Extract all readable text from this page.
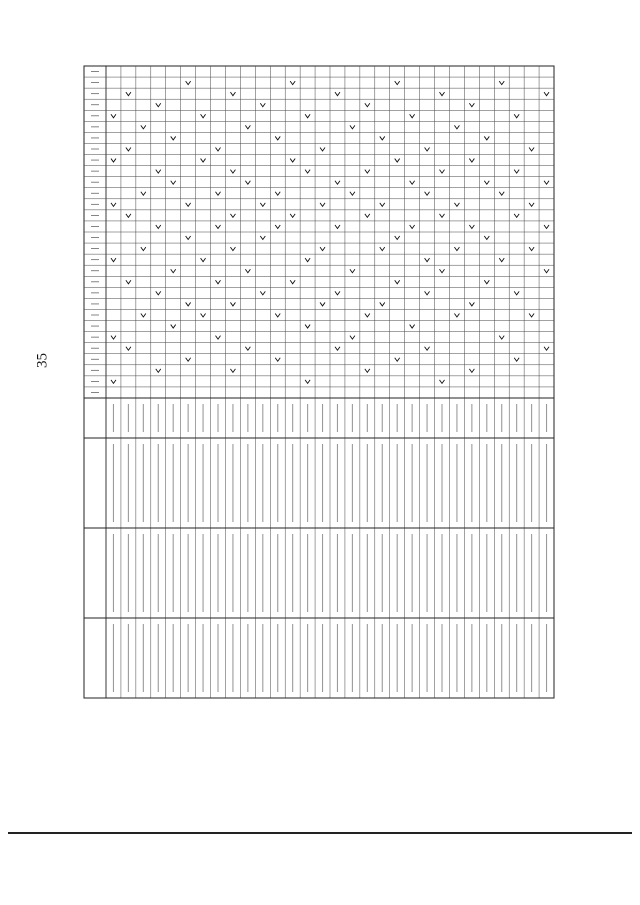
35
